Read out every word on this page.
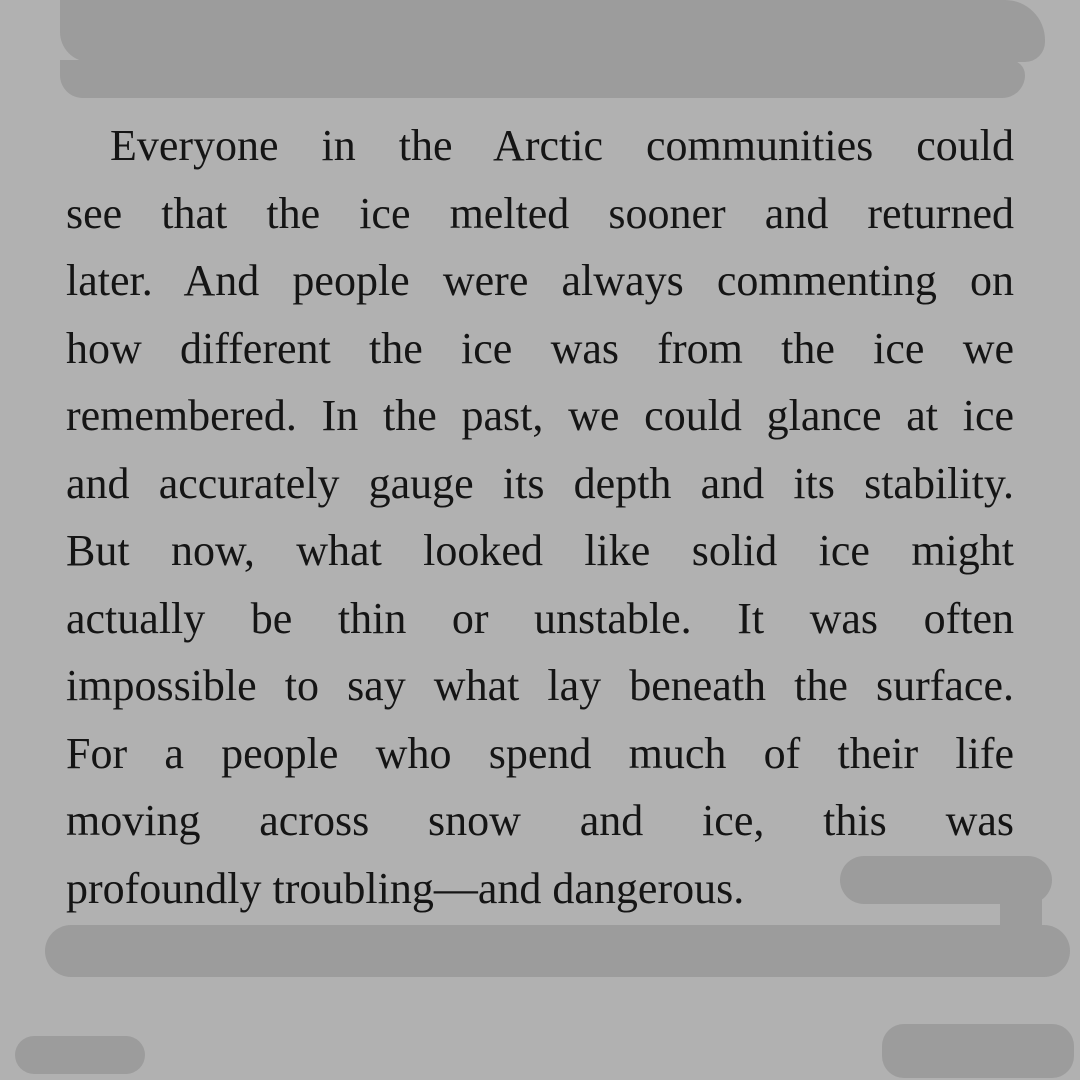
Everyone in the Arctic communities could
see that the ice melted sooner and returned
later. And people were always commenting on
how different the ice was from the ice we
remembered. In the past, we could glance at ice
and accurately gauge its depth and its stability.
But now, what looked like solid ice might
actually be thin or unstable. It was often
impossible to say what lay beneath the surface.
For a people who spend much of their life
moving across snow and ice, this was
profoundly troubling—and dangerous.
